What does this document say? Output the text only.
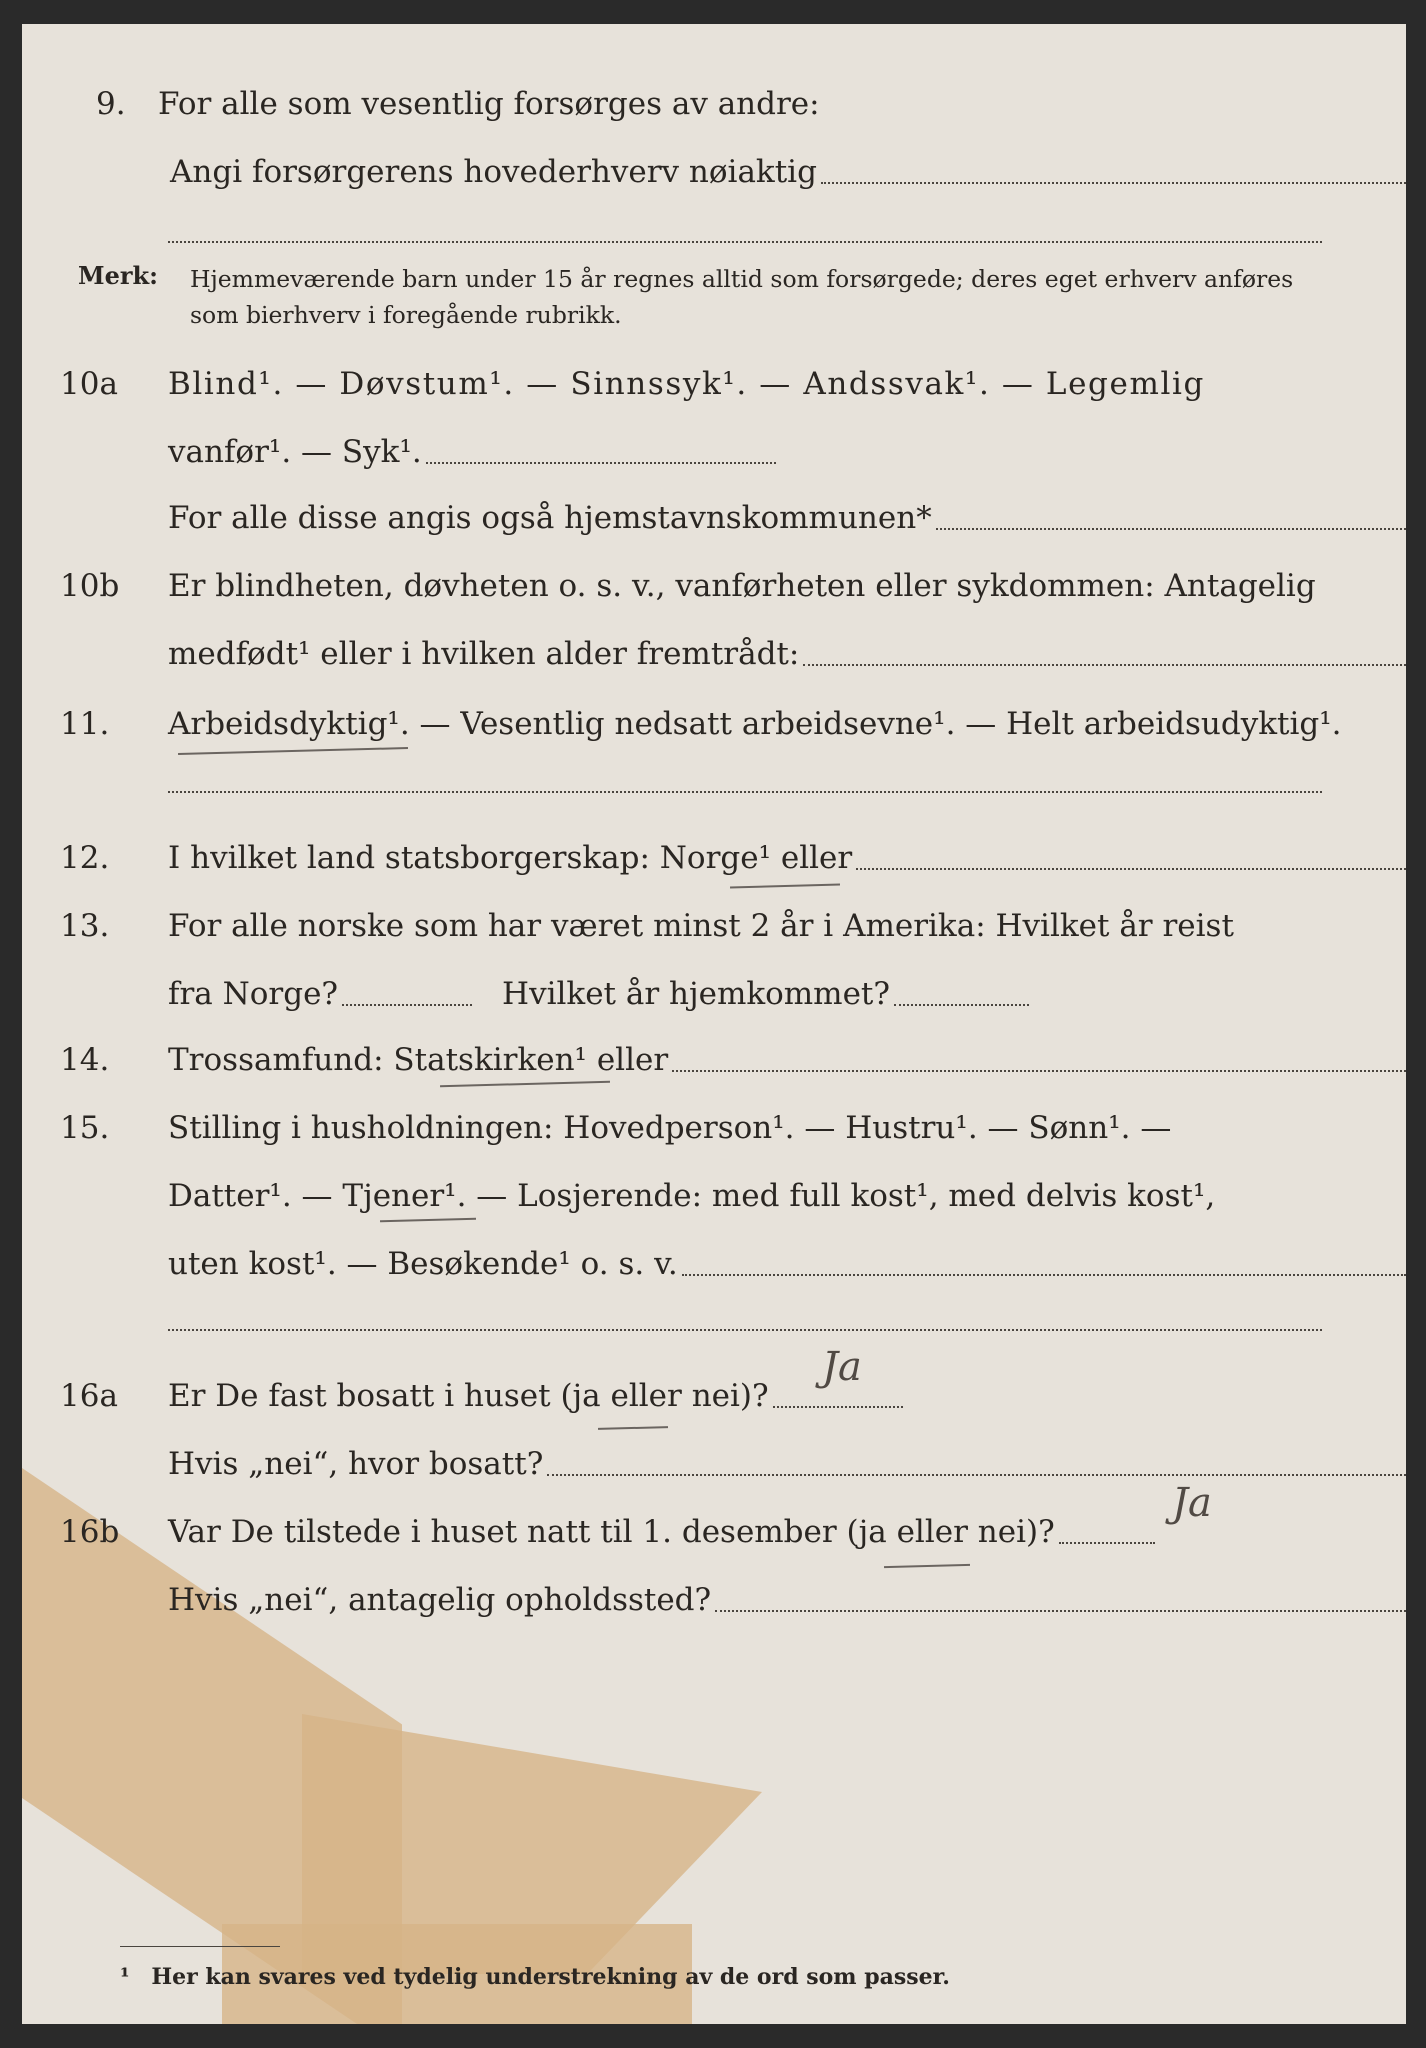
9. For alle som vesentlig forsørges av andre:
Angi forsørgerens hovederhverv nøiaktig
Merk: Hjemmeværende barn under 15 år regnes alltid som forsørgede; deres eget erhverv anføres som bierhverv i foregående rubrikk.
10a Blind¹. — Døvstum¹. — Sinnssyk¹. — Andssvak¹. — Legemlig
vanfør¹. — Syk¹.
For alle disse angis også hjemstavnskommunen*
10b Er blindheten, døvheten o. s. v., vanførheten eller sykdommen: Antagelig
medfødt¹ eller i hvilken alder fremtrådt:
11. Arbeidsdyktig¹. — Vesentlig nedsatt arbeidsevne¹. — Helt arbeidsudyktig¹.
12. I hvilket land statsborgerskap: Norge¹ eller
13. For alle norske som har været minst 2 år i Amerika: Hvilket år reist
fra Norge?	Hvilket år hjemkommet?
14. Trossamfund: Statskirken¹ eller
15. Stilling i husholdningen: Hovedperson¹. — Hustru¹. — Sønn¹. —
Datter¹. — Tjener¹. — Losjerende: med full kost¹, med delvis kost¹,
uten kost¹. — Besøkende¹ o. s. v.
16a Er De fast bosatt i huset (ja eller nei)?
Ja
Hvis „nei“, hvor bosatt?
16b Var De tilstede i huset natt til 1. desember (ja eller nei)?
Ja
Hvis „nei“, antagelig opholdssted?
¹ Her kan svares ved tydelig understrekning av de ord som passer.
